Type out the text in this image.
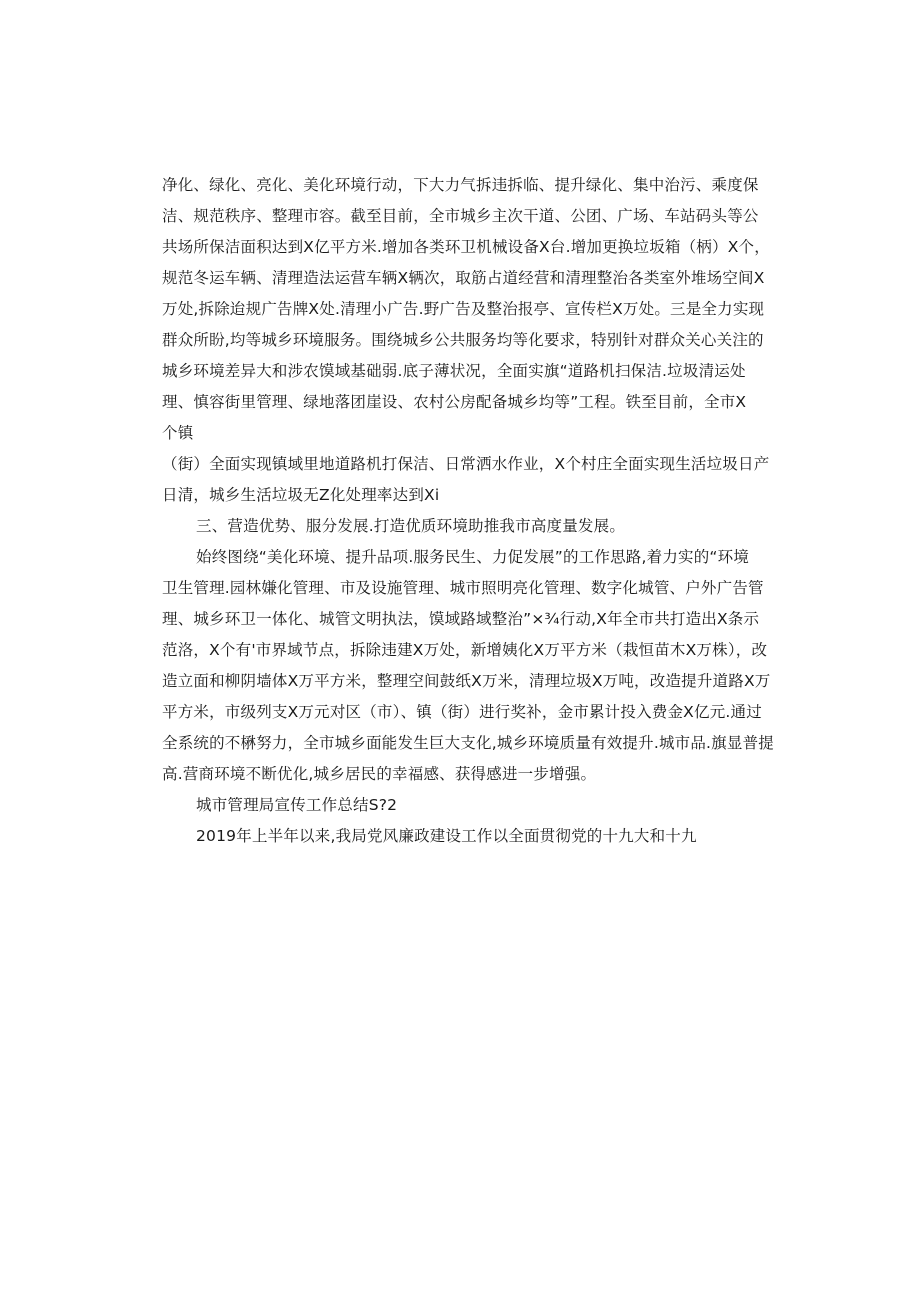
净化、绿化、亮化、美化环境行动，下大力气拆违拆临、提升绿化、集中治污、乘度保
洁、规范秩序、整理市容。截至目前，全市城乡主次干道、公团、广场、车站码头等公
共场所保洁面积达到X亿平方米.增加各类环卫机械设备X台.增加更换垃坂箱（柄）X个，
规范冬运车辆、清理造法运营车辆X辆次，取筋占道经营和清理整治各类室外堆场空间X
万处,拆除迨规广告牌X处.清理小广告.野广告及整治报亭、宣传栏X万处。三是全力实现
群众所盼,均等城乡环境服务。围绕城乡公共服务均等化要求，特别针对群众关心关注的
城乡环境差异大和涉农馍域基础弱.底子薄状况，全面实旗“道路机扫保洁.垃圾清运处
理、慎容街里管理、绿地落团崖设、农村公房配备城乡均等”工程。铁至目前，全市X
个镇
（街）全面实现镇域里地道路机打保洁、日常洒水作业，X个村庄全面实现生活垃圾日产
日清，城乡生活垃圾无Z化处理率达到Xi
三、营造优势、服分发展.打造优质环境助推我市高度量发展。
始终图绕“美化环境、提升品项.服务民生、力促发展”的工作思路,着力实的“环境
卫生管理.园林嫌化管理、市及设施管理、城市照明亮化管理、数字化城管、户外广告管
理、城乡环卫一体化、城管文明执法，馍域路域整治”×¾行动,X年全市共打造出X条示
范洛，X个有'市界域节点，拆除违建X万处，新增姨化X万平方米（栽恒苗木X万株），改
造立面和柳阴墙体X万平方米，整理空间鼓纸X万米，清理垃圾X万吨，改造提升道路X万
平方米，市级列支X万元对区（市）、镇（街）进行奖补，金市累计投入费金X亿元.通过
全系统的不楙努力，全市城乡面能发生巨大支化,城乡环境质量有效提升.城市品.旗显普提
高.营商环境不断优化,城乡居民的幸福感、获得感进一步增强。
城市管理局宣传工作总结S?2
2019年上半年以来,我局党风廉政建设工作以全面贯彻党的十九大和十九
